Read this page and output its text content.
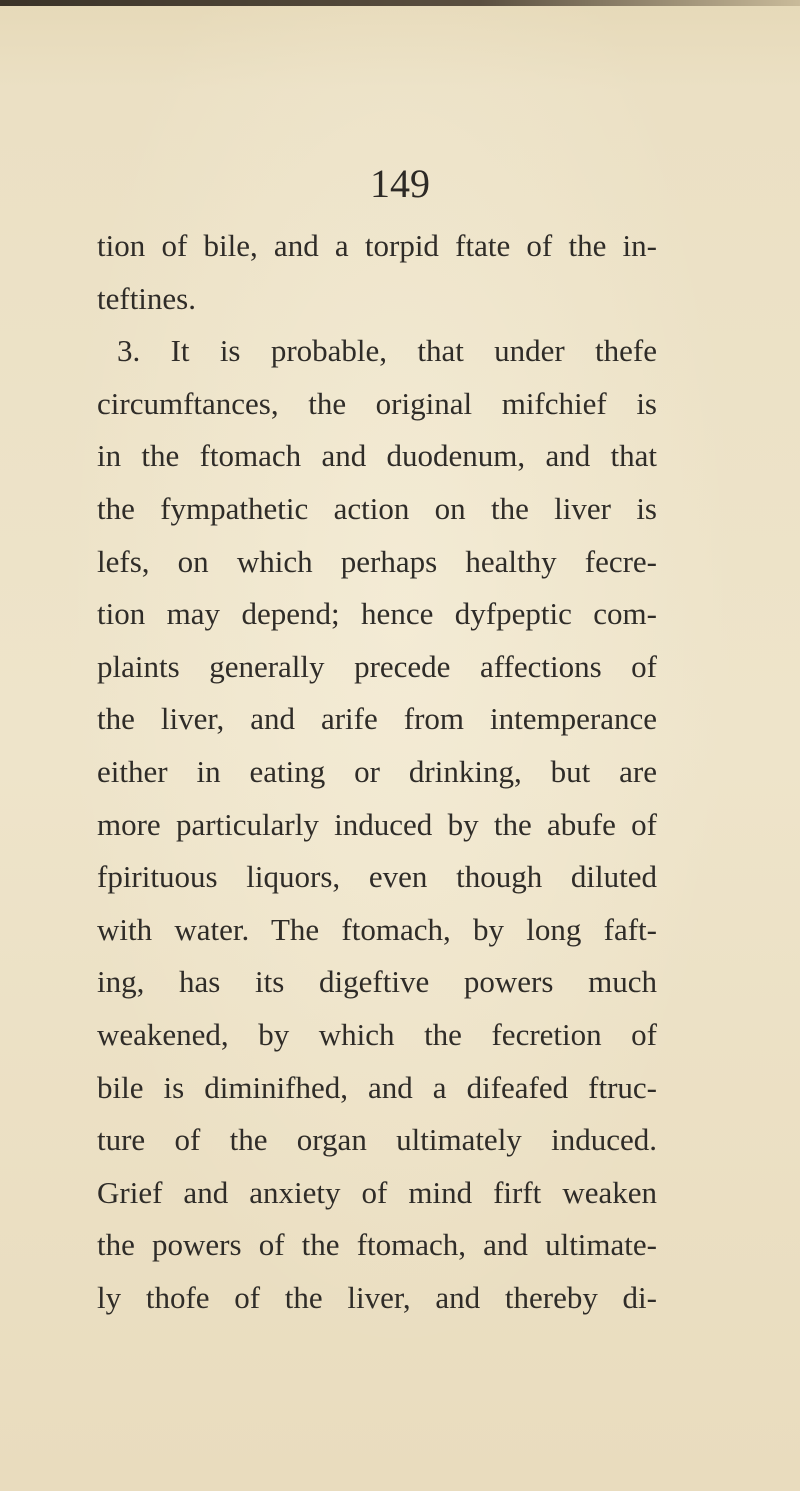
149
tion of bile, and a torpid ftate of the in-
teftines.
3. It is probable, that under thefe
circumftances, the original mifchief is
in the ftomach and duodenum, and that
the fympathetic action on the liver is
lefs, on which perhaps healthy fecre-
tion may depend; hence dyfpeptic com-
plaints generally precede affections of
the liver, and arife from intemperance
either in eating or drinking, but are
more particularly induced by the abufe of
fpirituous liquors, even though diluted
with water. The ftomach, by long faft-
ing, has its digeftive powers much
weakened, by which the fecretion of
bile is diminifhed, and a difeafed ftruc-
ture of the organ ultimately induced.
Grief and anxiety of mind firft weaken
the powers of the ftomach, and ultimate-
ly thofe of the liver, and thereby di-
